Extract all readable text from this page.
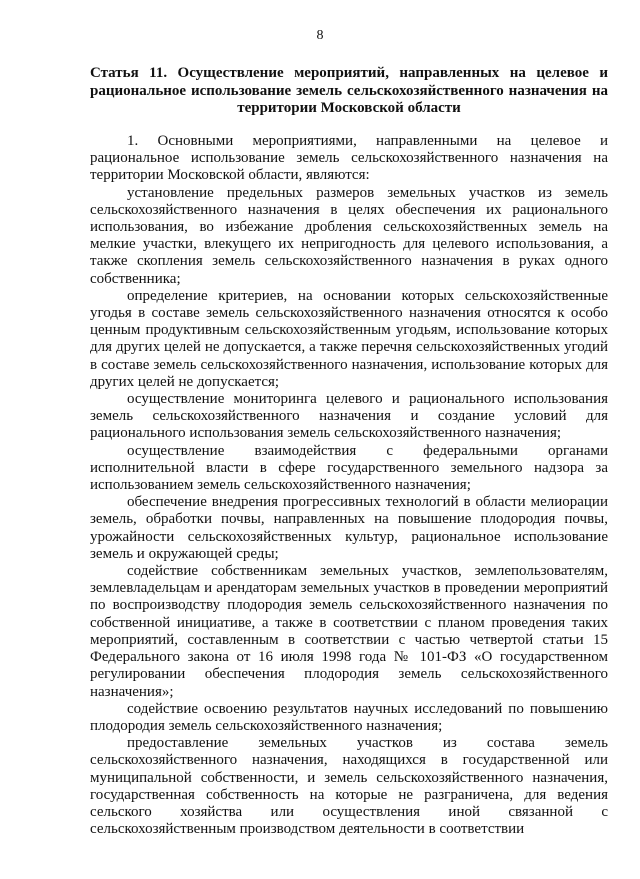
8
Статья 11. Осуществление мероприятий, направленных на целевое и рациональное использование земель сельскохозяйственного назначения на территории Московской области

1. Основными мероприятиями, направленными на целевое и рациональное использование земель сельскохозяйственного назначения на территории Московской области, являются:

установление предельных размеров земельных участков из земель сельскохозяйственного назначения в целях обеспечения их рационального использования, во избежание дробления сельскохозяйственных земель на мелкие участки, влекущего их непригодность для целевого использования, а также скопления земель сельскохозяйственного назначения в руках одного собственника;

определение критериев, на основании которых сельскохозяйственные угодья в составе земель сельскохозяйственного назначения относятся к особо ценным продуктивным сельскохозяйственным угодьям, использование которых для других целей не допускается, а также перечня сельскохозяйственных угодий в составе земель сельскохозяйственного назначения, использование которых для других целей не допускается;

осуществление мониторинга целевого и рационального использования земель сельскохозяйственного назначения и создание условий для рационального использования земель сельскохозяйственного назначения;

осуществление взаимодействия с федеральными органами исполнительной власти в сфере государственного земельного надзора за использованием земель сельскохозяйственного назначения;

обеспечение внедрения прогрессивных технологий в области мелиорации земель, обработки почвы, направленных на повышение плодородия почвы, урожайности сельскохозяйственных культур, рациональное использование земель и окружающей среды;

содействие собственникам земельных участков, землепользователям, землевладельцам и арендаторам земельных участков в проведении мероприятий по воспроизводству плодородия земель сельскохозяйственного назначения по собственной инициативе, а также в соответствии с планом проведения таких мероприятий, составленным в соответствии с частью четвертой статьи 15 Федерального закона от 16 июля 1998 года № 101-ФЗ «О государственном регулировании обеспечения плодородия земель сельскохозяйственного назначения»;

содействие освоению результатов научных исследований по повышению плодородия земель сельскохозяйственного назначения;

предоставление земельных участков из состава земель сельскохозяйственного назначения, находящихся в государственной или муниципальной собственности, и земель сельскохозяйственного назначения, государственная собственность на которые не разграничена, для ведения сельского хозяйства или осуществления иной связанной с сельскохозяйственным производством деятельности в соответствии
